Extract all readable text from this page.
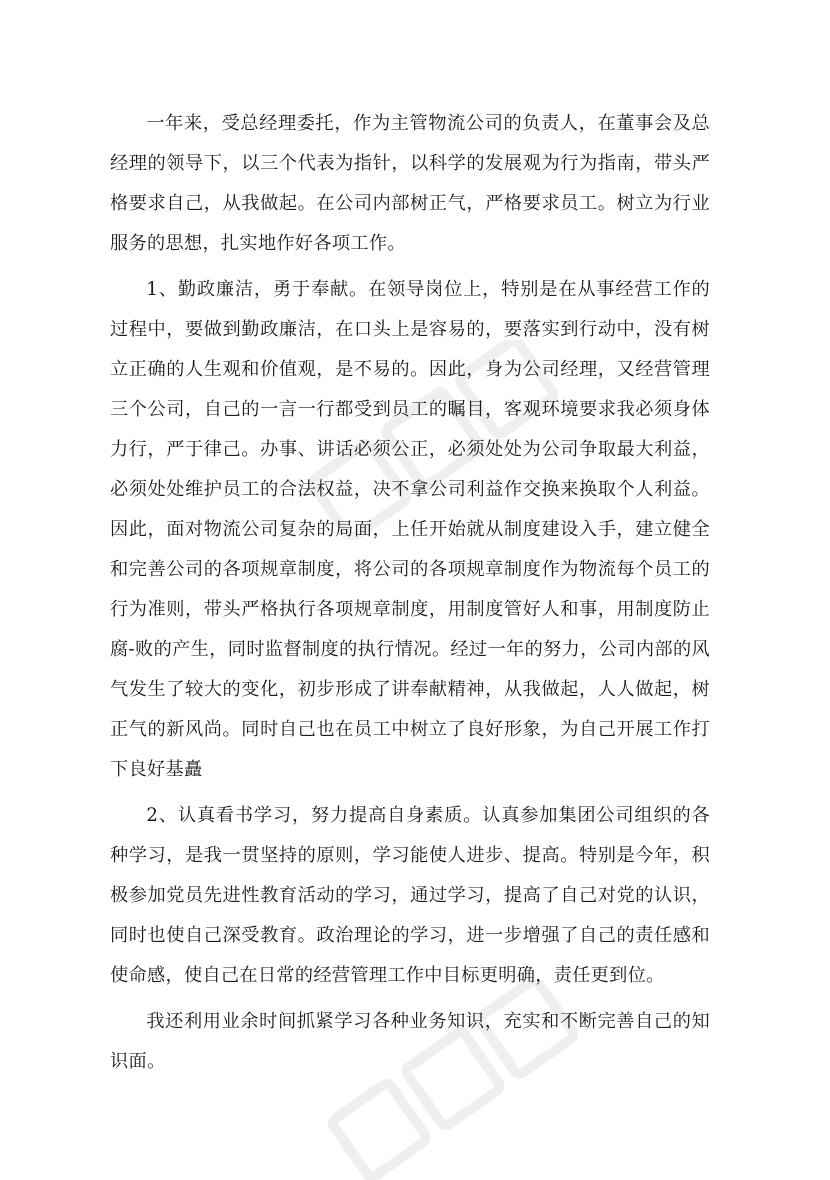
一年来，受总经理委托，作为主管物流公司的负责人，在董事会及总经理的领导下，以三个代表为指针，以科学的发展观为行为指南，带头严格要求自己，从我做起。在公司内部树正气，严格要求员工。树立为行业服务的思想，扎实地作好各项工作。

1、勤政廉洁，勇于奉献。在领导岗位上，特别是在从事经营工作的过程中，要做到勤政廉洁，在口头上是容易的，要落实到行动中，没有树立正确的人生观和价值观，是不易的。因此，身为公司经理，又经营管理三个公司，自己的一言一行都受到员工的瞩目，客观环境要求我必须身体力行，严于律己。办事、讲话必须公正，必须处处为公司争取最大利益，必须处处维护员工的合法权益，决不拿公司利益作交换来换取个人利益。因此，面对物流公司复杂的局面，上任开始就从制度建设入手，建立健全和完善公司的各项规章制度，将公司的各项规章制度作为物流每个员工的行为准则，带头严格执行各项规章制度，用制度管好人和事，用制度防止腐-败的产生，同时监督制度的执行情况。经过一年的努力，公司内部的风气发生了较大的变化，初步形成了讲奉献精神，从我做起，人人做起，树正气的新风尚。同时自己也在员工中树立了良好形象，为自己开展工作打下良好基矗

2、认真看书学习，努力提高自身素质。认真参加集团公司组织的各种学习，是我一贯坚持的原则，学习能使人进步、提高。特别是今年，积极参加党员先进性教育活动的学习，通过学习，提高了自己对党的认识，同时也使自己深受教育。政治理论的学习，进一步增强了自己的责任感和使命感，使自己在日常的经营管理工作中目标更明确，责任更到位。

我还利用业余时间抓紧学习各种业务知识，充实和不断完善自己的知识面。
